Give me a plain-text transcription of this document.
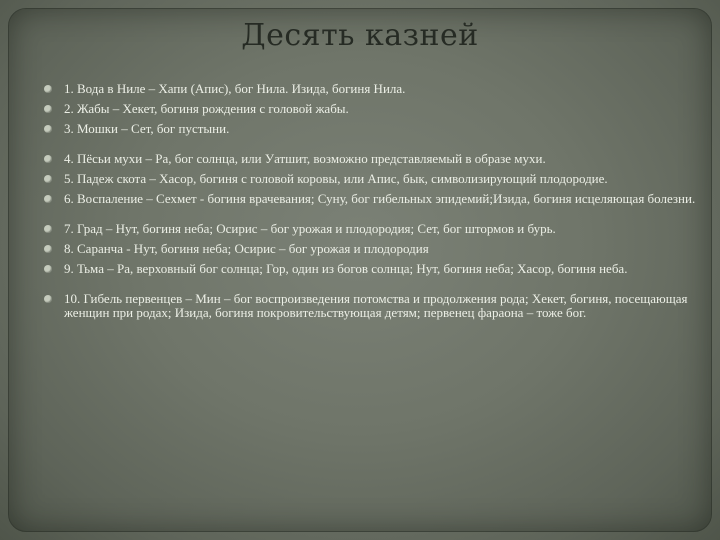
Десять казней
1. Вода в Ниле – Хапи (Апис), бог Нила. Изида, богиня Нила.
2. Жабы – Хекет, богиня рождения с головой жабы.
3. Мошки – Сет, бог пустыни.
4. Пёсьи мухи – Ра, бог солнца, или Уатшит, возможно представляемый в образе мухи.
5. Падеж скота – Хасор, богиня с головой коровы, или Апис, бык, символизирующий плодородие.
6. Воспаление – Сехмет - богиня врачевания; Суну, бог гибельных эпидемий;Изида, богиня исцеляющая болезни.
7. Град – Нут, богиня неба; Осирис – бог урожая и плодородия; Сет, бог штормов и бурь.
8. Саранча - Нут, богиня неба; Осирис – бог урожая и плодородия
9. Тьма – Ра, верховный бог солнца; Гор, один из богов солнца; Нут, богиня неба; Хасор, богиня неба.
10. Гибель первенцев – Мин – бог воспроизведения потомства и продолжения рода; Хекет, богиня, посещающая женщин при родах; Изида, богиня покровительствующая детям; первенец фараона – тоже бог.
